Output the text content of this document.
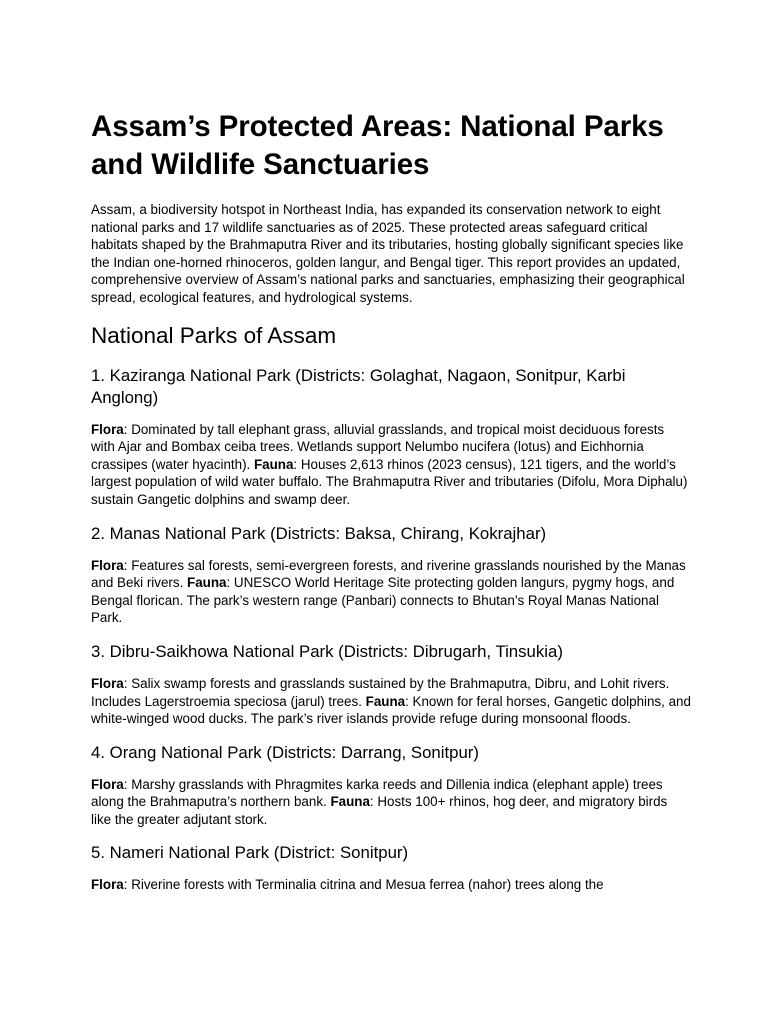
Assam’s Protected Areas: National Parks and Wildlife Sanctuaries

Assam, a biodiversity hotspot in Northeast India, has expanded its conservation network to eight national parks and 17 wildlife sanctuaries as of 2025. These protected areas safeguard critical habitats shaped by the Brahmaputra River and its tributaries, hosting globally significant species like the Indian one-horned rhinoceros, golden langur, and Bengal tiger. This report provides an updated, comprehensive overview of Assam’s national parks and sanctuaries, emphasizing their geographical spread, ecological features, and hydrological systems.

National Parks of Assam
1. Kaziranga National Park (Districts: Golaghat, Nagaon, Sonitpur, Karbi Anglong)

Flora: Dominated by tall elephant grass, alluvial grasslands, and tropical moist deciduous forests with Ajar and Bombax ceiba trees. Wetlands support Nelumbo nucifera (lotus) and Eichhornia crassipes (water hyacinth). Fauna: Houses 2,613 rhinos (2023 census), 121 tigers, and the world’s largest population of wild water buffalo. The Brahmaputra River and tributaries (Difolu, Mora Diphalu) sustain Gangetic dolphins and swamp deer.

2. Manas National Park (Districts: Baksa, Chirang, Kokrajhar)

Flora: Features sal forests, semi-evergreen forests, and riverine grasslands nourished by the Manas and Beki rivers. Fauna: UNESCO World Heritage Site protecting golden langurs, pygmy hogs, and Bengal florican. The park’s western range (Panbari) connects to Bhutan’s Royal Manas National Park.

3. Dibru-Saikhowa National Park (Districts: Dibrugarh, Tinsukia)

Flora: Salix swamp forests and grasslands sustained by the Brahmaputra, Dibru, and Lohit rivers. Includes Lagerstroemia speciosa (jarul) trees. Fauna: Known for feral horses, Gangetic dolphins, and white-winged wood ducks. The park’s river islands provide refuge during monsoonal floods.

4. Orang National Park (Districts: Darrang, Sonitpur)

Flora: Marshy grasslands with Phragmites karka reeds and Dillenia indica (elephant apple) trees along the Brahmaputra’s northern bank. Fauna: Hosts 100+ rhinos, hog deer, and migratory birds like the greater adjutant stork.

5. Nameri National Park (District: Sonitpur)

Flora: Riverine forests with Terminalia citrina and Mesua ferrea (nahor) trees along the
